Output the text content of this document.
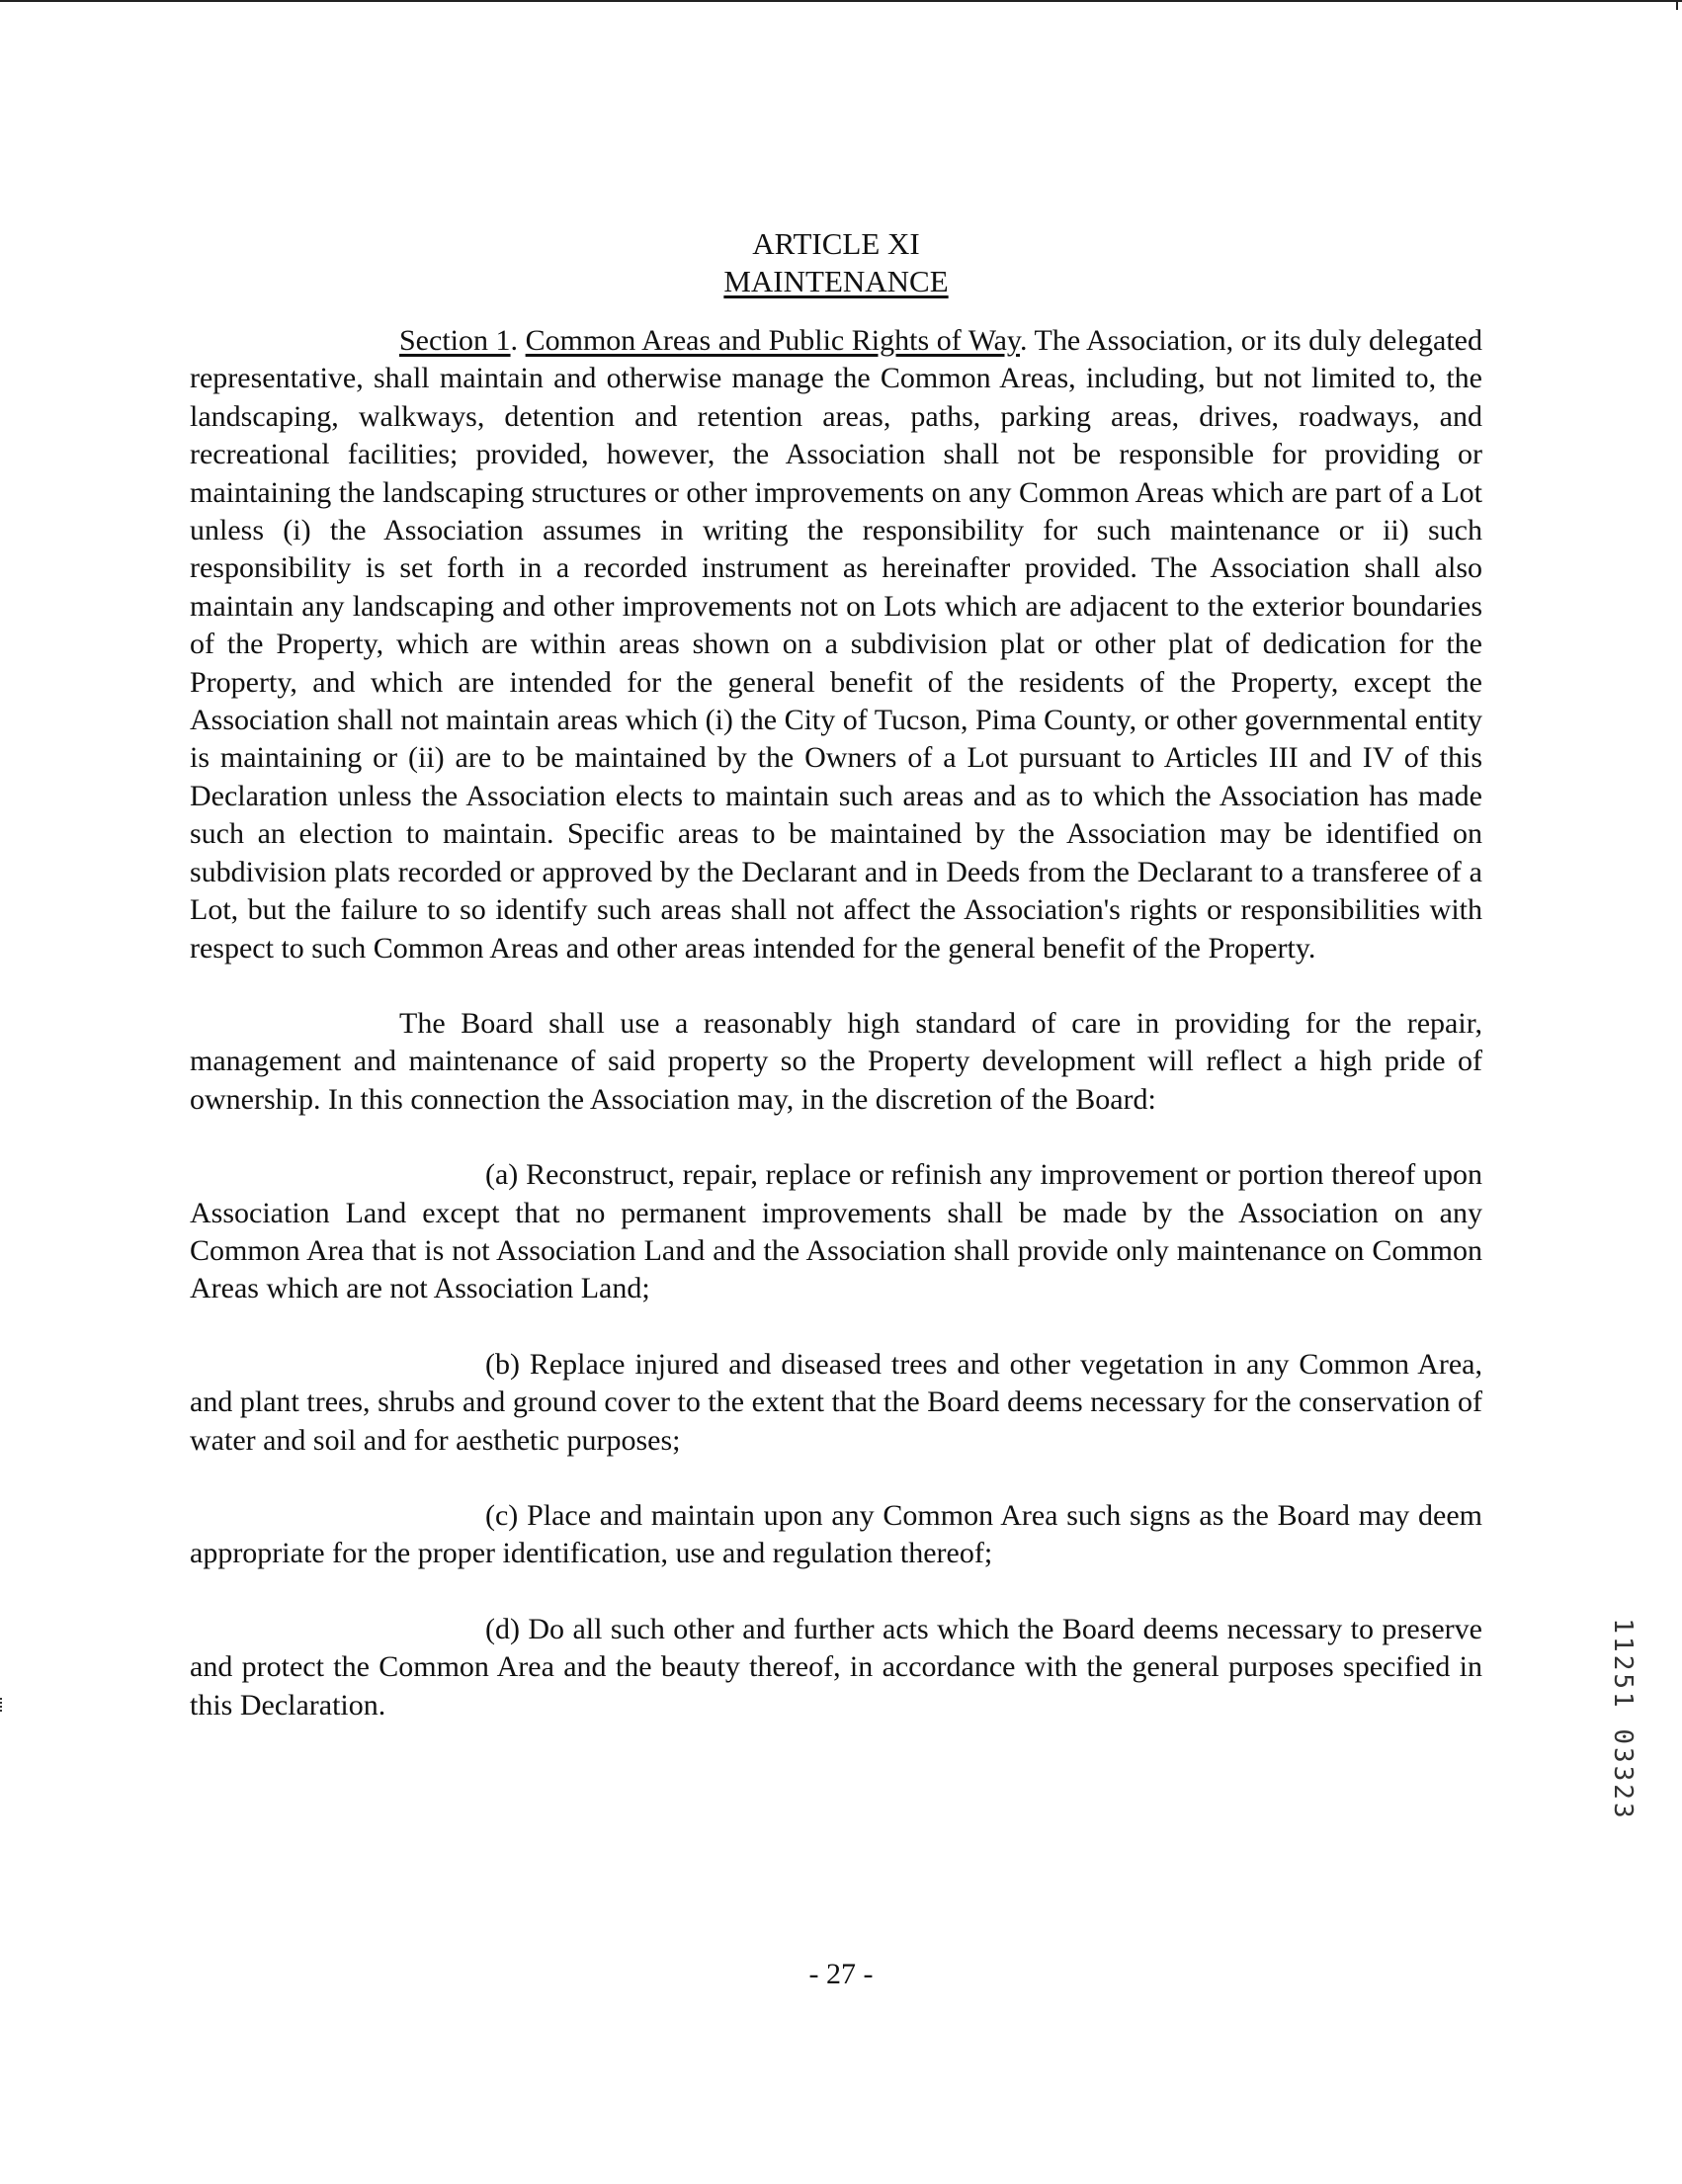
ARTICLE XI

MAINTENANCE

Section 1. Common Areas and Public Rights of Way. The Association, or its duly delegated representative, shall maintain and otherwise manage the Common Areas, including, but not limited to, the landscaping, walkways, detention and retention areas, paths, parking areas, drives, roadways, and recreational facilities; provided, however, the Association shall not be responsible for providing or maintaining the landscaping structures or other improvements on any Common Areas which are part of a Lot unless (i) the Association assumes in writing the responsibility for such maintenance or ii) such responsibility is set forth in a recorded instrument as hereinafter provided. The Association shall also maintain any landscaping and other improvements not on Lots which are adjacent to the exterior boundaries of the Property, which are within areas shown on a subdivision plat or other plat of dedication for the Property, and which are intended for the general benefit of the residents of the Property, except the Association shall not maintain areas which (i) the City of Tucson, Pima County, or other governmental entity is maintaining or (ii) are to be maintained by the Owners of a Lot pursuant to Articles III and IV of this Declaration unless the Association elects to maintain such areas and as to which the Association has made such an election to maintain. Specific areas to be maintained by the Association may be identified on subdivision plats recorded or approved by the Declarant and in Deeds from the Declarant to a transferee of a Lot, but the failure to so identify such areas shall not affect the Association's rights or responsibilities with respect to such Common Areas and other areas intended for the general benefit of the Property.

The Board shall use a reasonably high standard of care in providing for the repair, management and maintenance of said property so the Property development will reflect a high pride of ownership. In this connection the Association may, in the discretion of the Board:

(a) Reconstruct, repair, replace or refinish any improvement or portion thereof upon Association Land except that no permanent improvements shall be made by the Association on any Common Area that is not Association Land and the Association shall provide only maintenance on Common Areas which are not Association Land;

(b) Replace injured and diseased trees and other vegetation in any Common Area, and plant trees, shrubs and ground cover to the extent that the Board deems necessary for the conservation of water and soil and for aesthetic purposes;

(c) Place and maintain upon any Common Area such signs as the Board may deem appropriate for the proper identification, use and regulation thereof;

(d) Do all such other and further acts which the Board deems necessary to preserve and protect the Common Area and the beauty thereof, in accordance with the general purposes specified in this Declaration.

- 27 -
11251 03323
